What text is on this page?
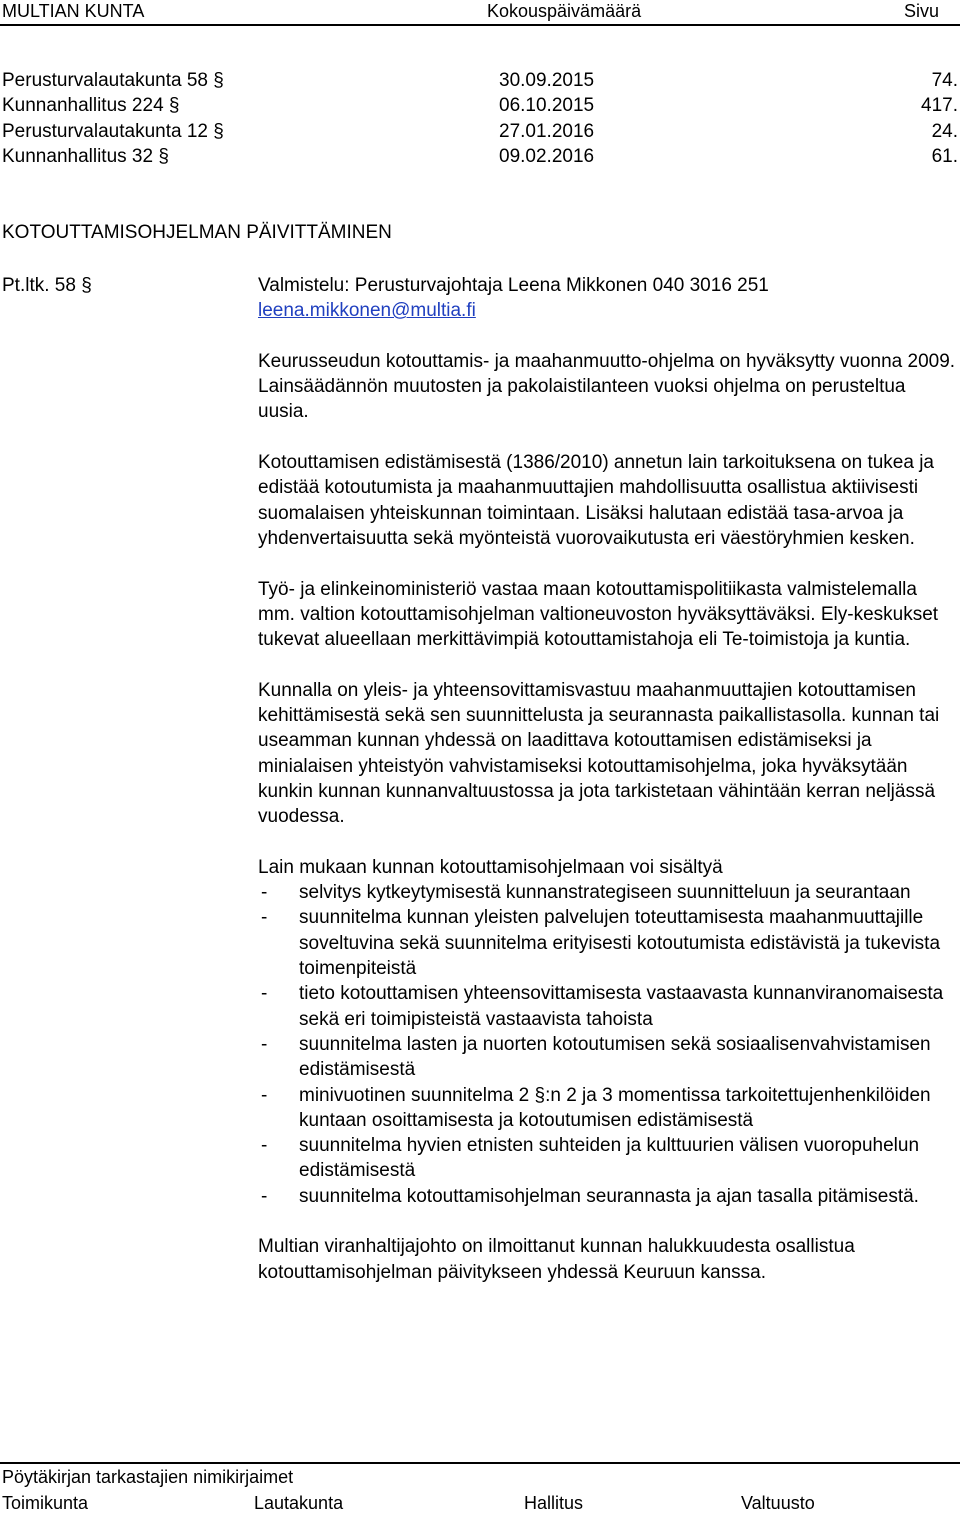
MULTIAN KUNTA	Kokouspäivämäärä	Sivu
Perusturvalautakunta 58 §	30.09.2015	74.
Kunnanhallitus 224 §	06.10.2015	417.
Perusturvalautakunta 12 §	27.01.2016	24.
Kunnanhallitus 32 §	09.02.2016	61.
KOTOUTTAMISOHJELMAN PÄIVITTÄMINEN
Pt.ltk. 58 §	Valmistelu: Perusturvajohtaja Leena Mikkonen 040 3016 251

leena.mikkonen@multia.fi

Keurusseudun kotouttamis- ja maahanmuutto-ohjelma on hyväksytty vuonna 2009. Lainsäädännön muutosten ja pakolaistilanteen vuoksi ohjelma on perusteltua uusia.

Kotouttamisen edistämisestä (1386/2010) annetun lain tarkoituksena on tukea ja edistää kotoutumista ja maahanmuuttajien mahdollisuutta osallistua aktiivisesti suomalaisen yhteiskunnan toimintaan. Lisäksi halutaan edistää tasa-arvoa ja yhdenvertaisuutta sekä myönteistä vuorovaikutusta eri väestöryhmien kesken.

Työ- ja elinkeinoministeriö vastaa maan kotouttamispolitiikasta valmistelemalla mm. valtion kotouttamisohjelman valtioneuvoston hyväksyttäväksi. Ely-keskukset tukevat alueellaan merkittävimpiä kotouttamistahoja eli Te-toimistoja ja kuntia.

Kunnalla on yleis- ja yhteensovittamisvastuu maahanmuuttajien kotouttamisen kehittämisestä sekä sen suunnittelusta ja seurannasta paikallistasolla. kunnan tai useamman kunnan yhdessä on laadittava kotouttamisen edistämiseksi ja minialaisen yhteistyön vahvistamiseksi kotouttamisohjelma, joka hyväksytään kunkin kunnan kunnanvaltuustossa ja jota tarkistetaan vähintään kerran neljässä vuodessa.

Lain mukaan kunnan kotouttamisohjelmaan voi sisältyä

- selvitys kytkeytymisestä kunnanstrategiseen suunnitteluun ja seurantaan
- suunnitelma kunnan yleisten palvelujen toteuttamisesta maahanmuuttajille soveltuvina sekä suunnitelma erityisesti kotoutumista edistävistä ja tukevista toimenpiteistä
- tieto kotouttamisen yhteensovittamisesta vastaavasta kunnanviranomaisesta sekä eri toimipisteistä vastaavista tahoista
- suunnitelma lasten ja nuorten kotoutumisen sekä sosiaalisenvahvistamisen edistämisestä
- minivuotinen suunnitelma 2 §:n 2 ja 3 momentissa tarkoitettujenhenkilöiden kuntaan osoittamisesta ja kotoutumisen edistämisestä
- suunnitelma hyvien etnisten suhteiden ja kulttuurien välisen vuoropuhelun edistämisestä
- suunnitelma kotouttamisohjelman seurannasta ja ajan tasalla pitämisestä.

Multian viranhaltijajohto on ilmoittanut kunnan halukkuudesta osallistua kotouttamisohjelman päivitykseen yhdessä Keuruun kanssa.

Pöytäkirjan tarkastajien nimikirjaimet
Toimikunta	Lautakunta	Hallitus	Valtuusto
